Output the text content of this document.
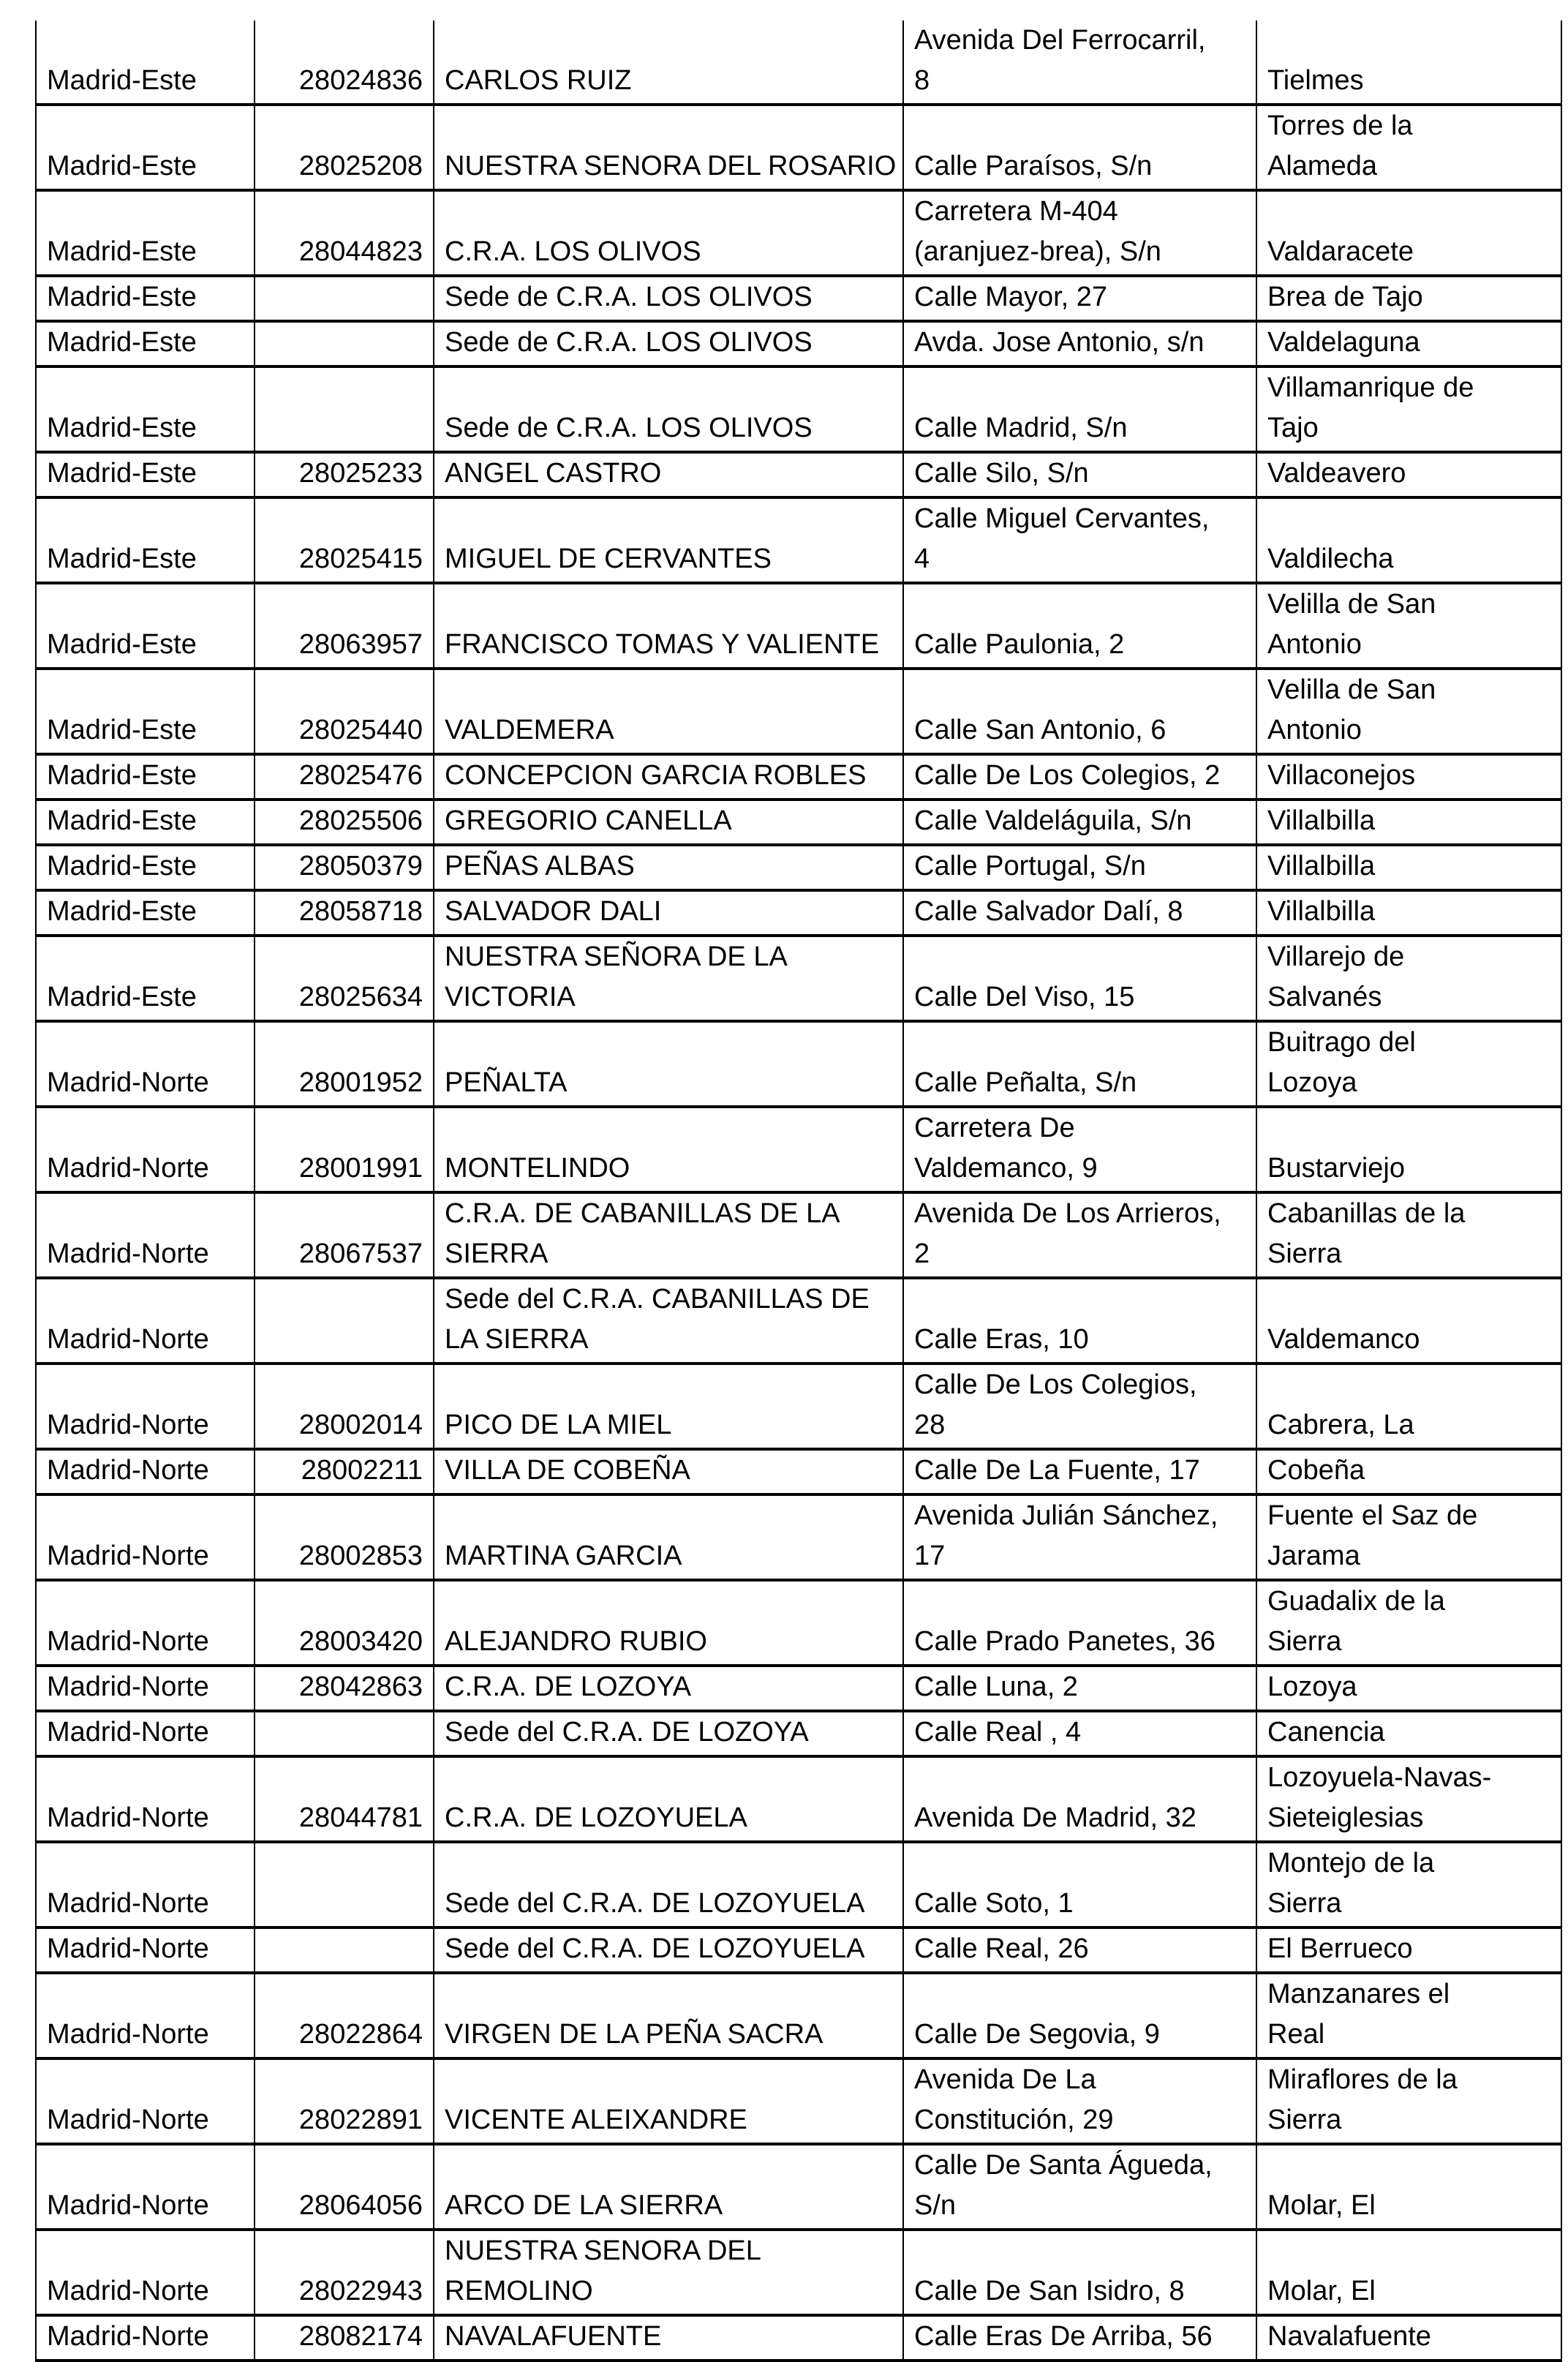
Madrid-Este	28024836	CARLOS RUIZ	Avenida Del Ferrocarril, 8	Tielmes
Madrid-Este	28025208	NUESTRA SENORA DEL ROSARIO	Calle Paraísos, S/n	Torres de la Alameda
Madrid-Este	28044823	C.R.A. LOS OLIVOS	Carretera M-404 (aranjuez-brea), S/n	Valdaracete
Madrid-Este		Sede de C.R.A. LOS OLIVOS	Calle Mayor, 27	Brea de Tajo
Madrid-Este		Sede de C.R.A. LOS OLIVOS	Avda. Jose Antonio, s/n	Valdelaguna
Madrid-Este		Sede de C.R.A. LOS OLIVOS	Calle Madrid, S/n	Villamanrique de Tajo
Madrid-Este	28025233	ANGEL CASTRO	Calle Silo, S/n	Valdeavero
Madrid-Este	28025415	MIGUEL DE CERVANTES	Calle Miguel Cervantes, 4	Valdilecha
Madrid-Este	28063957	FRANCISCO TOMAS Y VALIENTE	Calle Paulonia, 2	Velilla de San Antonio
Madrid-Este	28025440	VALDEMERA	Calle San Antonio, 6	Velilla de San Antonio
Madrid-Este	28025476	CONCEPCION GARCIA ROBLES	Calle De Los Colegios, 2	Villaconejos
Madrid-Este	28025506	GREGORIO CANELLA	Calle Valdeláguila, S/n	Villalbilla
Madrid-Este	28050379	PEÑAS ALBAS	Calle Portugal, S/n	Villalbilla
Madrid-Este	28058718	SALVADOR DALI	Calle Salvador Dalí, 8	Villalbilla
Madrid-Este	28025634	NUESTRA SEÑORA DE LA VICTORIA	Calle Del Viso, 15	Villarejo de Salvanés
Madrid-Norte	28001952	PEÑALTA	Calle Peñalta, S/n	Buitrago del Lozoya
Madrid-Norte	28001991	MONTELINDO	Carretera De Valdemanco, 9	Bustarviejo
Madrid-Norte	28067537	C.R.A. DE CABANILLAS DE LA SIERRA	Avenida De Los Arrieros, 2	Cabanillas de la Sierra
Madrid-Norte		Sede del C.R.A. CABANILLAS DE LA SIERRA	Calle Eras, 10	Valdemanco
Madrid-Norte	28002014	PICO DE LA MIEL	Calle De Los Colegios, 28	Cabrera, La
Madrid-Norte	28002211	VILLA DE COBEÑA	Calle De La Fuente, 17	Cobeña
Madrid-Norte	28002853	MARTINA GARCIA	Avenida Julián Sánchez, 17	Fuente el Saz de Jarama
Madrid-Norte	28003420	ALEJANDRO RUBIO	Calle Prado Panetes, 36	Guadalix de la Sierra
Madrid-Norte	28042863	C.R.A. DE LOZOYA	Calle Luna, 2	Lozoya
Madrid-Norte		Sede del C.R.A. DE LOZOYA	Calle Real , 4	Canencia
Madrid-Norte	28044781	C.R.A. DE LOZOYUELA	Avenida De Madrid, 32	Lozoyuela-Navas-Sieteiglesias
Madrid-Norte		Sede del C.R.A. DE LOZOYUELA	Calle Soto, 1	Montejo de la Sierra
Madrid-Norte		Sede del C.R.A. DE LOZOYUELA	Calle Real, 26	El Berrueco
Madrid-Norte	28022864	VIRGEN DE LA PEÑA SACRA	Calle De Segovia, 9	Manzanares el Real
Madrid-Norte	28022891	VICENTE ALEIXANDRE	Avenida De La Constitución, 29	Miraflores de la Sierra
Madrid-Norte	28064056	ARCO DE LA SIERRA	Calle De Santa Águeda, S/n	Molar, El
Madrid-Norte	28022943	NUESTRA SENORA DEL REMOLINO	Calle De San Isidro, 8	Molar, El
Madrid-Norte	28082174	NAVALAFUENTE	Calle Eras De Arriba, 56	Navalafuente
